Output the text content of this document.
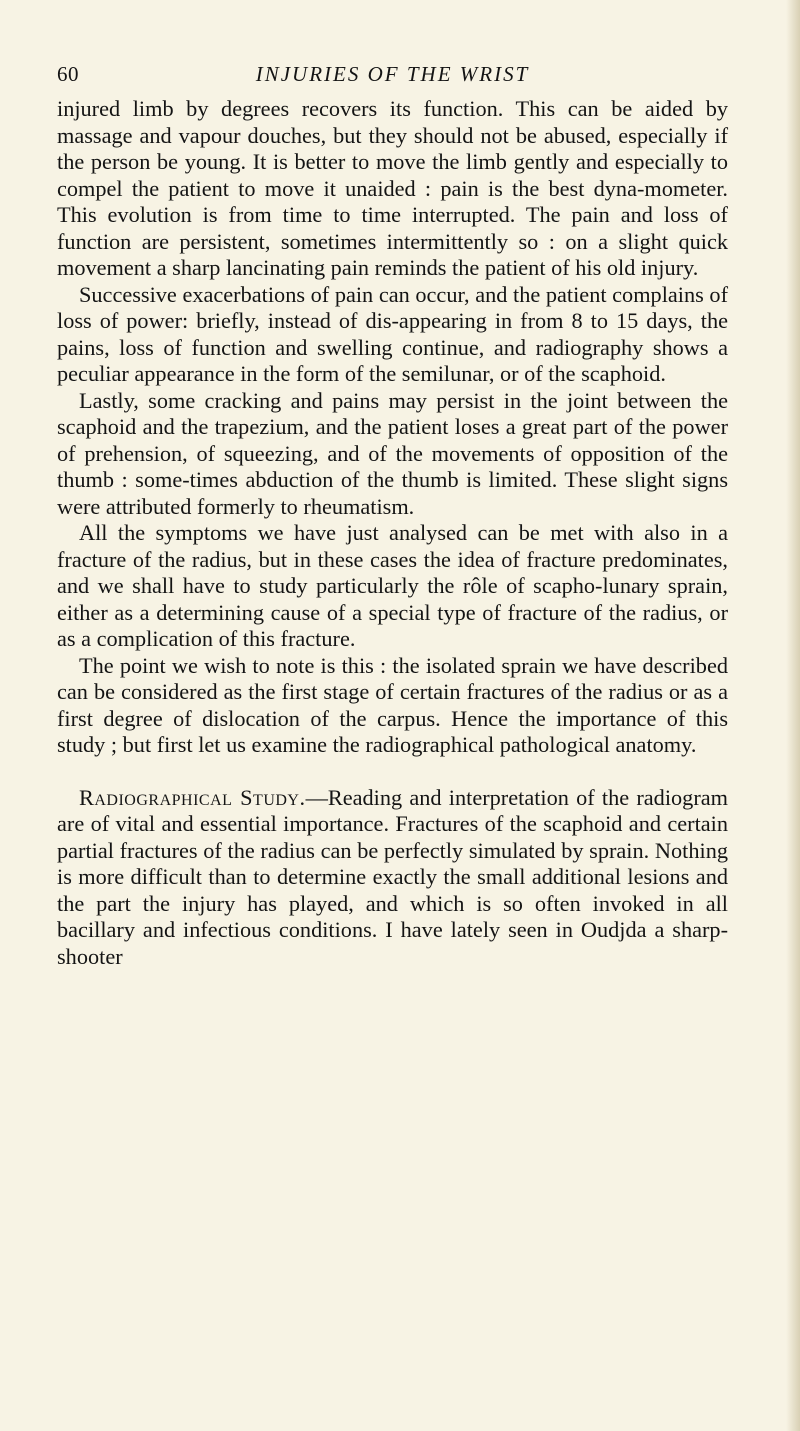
60	INJURIES OF THE WRIST

injured limb by degrees recovers its function. This can be aided by massage and vapour douches, but they should not be abused, especially if the person be young. It is better to move the limb gently and especially to compel the patient to move it unaided : pain is the best dyna-mometer. This evolution is from time to time interrupted. The pain and loss of function are persistent, sometimes intermittently so : on a slight quick movement a sharp lancinating pain reminds the patient of his old injury.

Successive exacerbations of pain can occur, and the patient complains of loss of power: briefly, instead of dis-appearing in from 8 to 15 days, the pains, loss of function and swelling continue, and radiography shows a peculiar appearance in the form of the semilunar, or of the scaphoid.

Lastly, some cracking and pains may persist in the joint between the scaphoid and the trapezium, and the patient loses a great part of the power of prehension, of squeezing, and of the movements of opposition of the thumb : some-times abduction of the thumb is limited. These slight signs were attributed formerly to rheumatism.

All the symptoms we have just analysed can be met with also in a fracture of the radius, but in these cases the idea of fracture predominates, and we shall have to study particularly the rôle of scapho-lunary sprain, either as a determining cause of a special type of fracture of the radius, or as a complication of this fracture.

The point we wish to note is this : the isolated sprain we have described can be considered as the first stage of certain fractures of the radius or as a first degree of dislocation of the carpus. Hence the importance of this study ; but first let us examine the radiographical pathological anatomy.

Radiographical Study.—Reading and interpretation of the radiogram are of vital and essential importance. Fractures of the scaphoid and certain partial fractures of the radius can be perfectly simulated by sprain. Nothing is more difficult than to determine exactly the small additional lesions and the part the injury has played, and which is so often invoked in all bacillary and infectious conditions. I have lately seen in Oudjda a sharp-shooter
